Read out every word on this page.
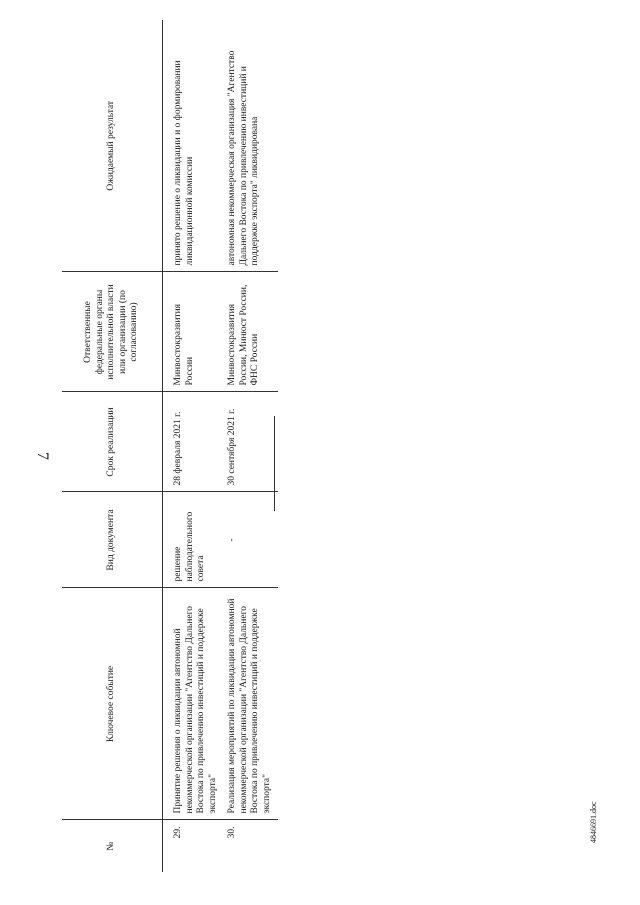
7
4846691.doc
№	Ключевое событие	Вид документа	Срок реализации	Ответственные федеральные органы исполнительной власти или организации (по согласованию)	Ожидаемый результат
29.	Принятие решения о ликвидации автономной некоммерческой организации "Агентство Дальнего Востока по привлечению инвестиций и поддержке экспорта"	решение наблюдательного совета	28 февраля 2021 г.	Минвостокразвития России	принято решение о ликвидации и о формировании ликвидационной комиссии
30.	Реализация мероприятий по ликвидации автономной некоммерческой организации "Агентство Дальнего Востока по привлечению инвестиций и поддержке экспорта"	-	30 сентября 2021 г.	Минвостокразвития России, Минюст России, ФНС России	автономная некоммерческая организация "Агентство Дальнего Востока по привлечению инвестиций и поддержке экспорта" ликвидирована
